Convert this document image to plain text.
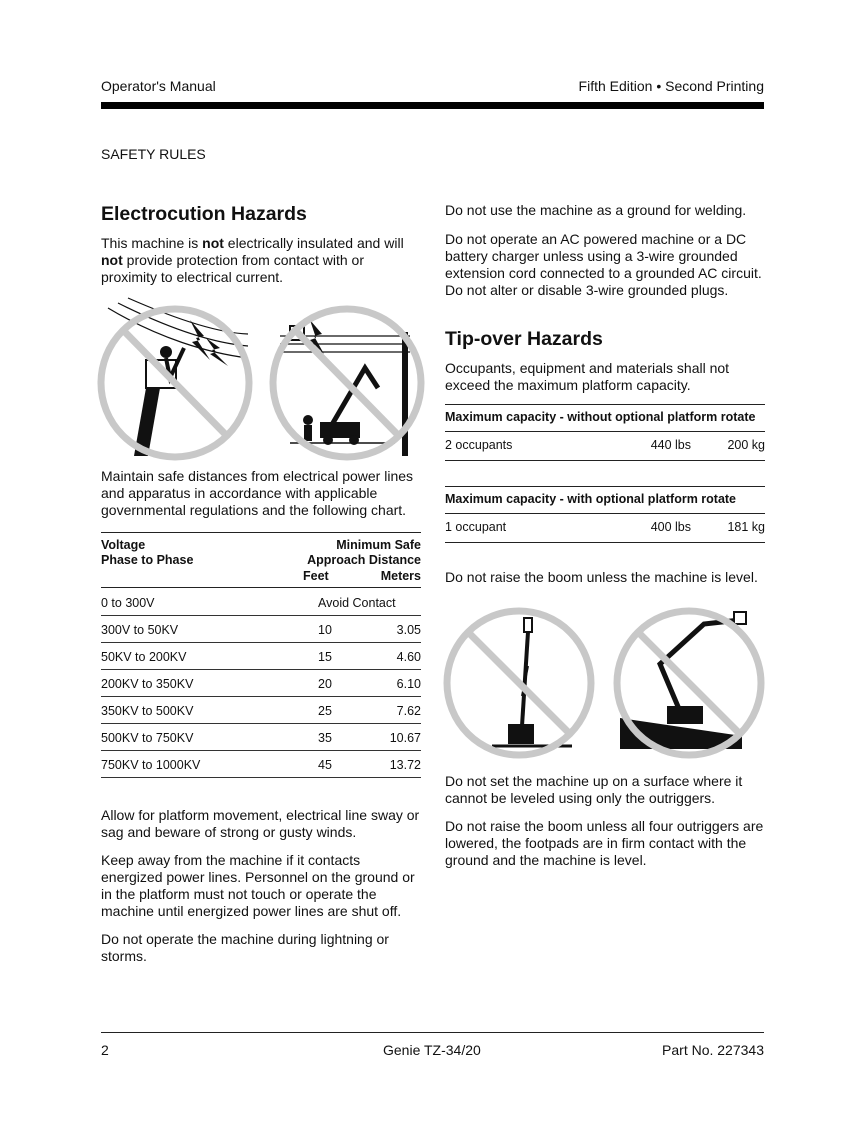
Operator's Manual	Fifth Edition • Second Printing
SAFETY RULES
Electrocution Hazards

This machine is not electrically insulated and will not provide protection from contact with or proximity to electrical current.

Maintain safe distances from electrical power lines and apparatus in accordance with applicable governmental regulations and the following chart.

Voltage
Phase to Phase
Minimum Safe
Approach Distance
Feet	Meters
0 to 300V	Avoid Contact
300V to 50KV	10	3.05
50KV to 200KV	15	4.60
200KV to 350KV	20	6.10
350KV to 500KV	25	7.62
500KV to 750KV	35	10.67
750KV to 1000KV	45	13.72

Allow for platform movement, electrical line sway or sag and beware of strong or gusty winds.

Keep away from the machine if it contacts energized power lines. Personnel on the ground or in the platform must not touch or operate the machine until energized power lines are shut off.

Do not operate the machine during lightning or storms.

Do not use the machine as a ground for welding.

Do not operate an AC powered machine or a DC battery charger unless using a 3-wire grounded extension cord connected to a grounded AC circuit. Do not alter or disable 3-wire grounded plugs.

Tip-over Hazards

Occupants, equipment and materials shall not exceed the maximum platform capacity.

Maximum capacity - without optional platform rotate
2 occupants	440 lbs	200 kg
Maximum capacity - with optional platform rotate
1 occupant	400 lbs	181 kg

Do not raise the boom unless the machine is level.

Do not set the machine up on a surface where it cannot be leveled using only the outriggers.

Do not raise the boom unless all four outriggers are lowered, the footpads are in firm contact with the ground and the machine is level.

2	Genie TZ-34/20	Part No. 227343
